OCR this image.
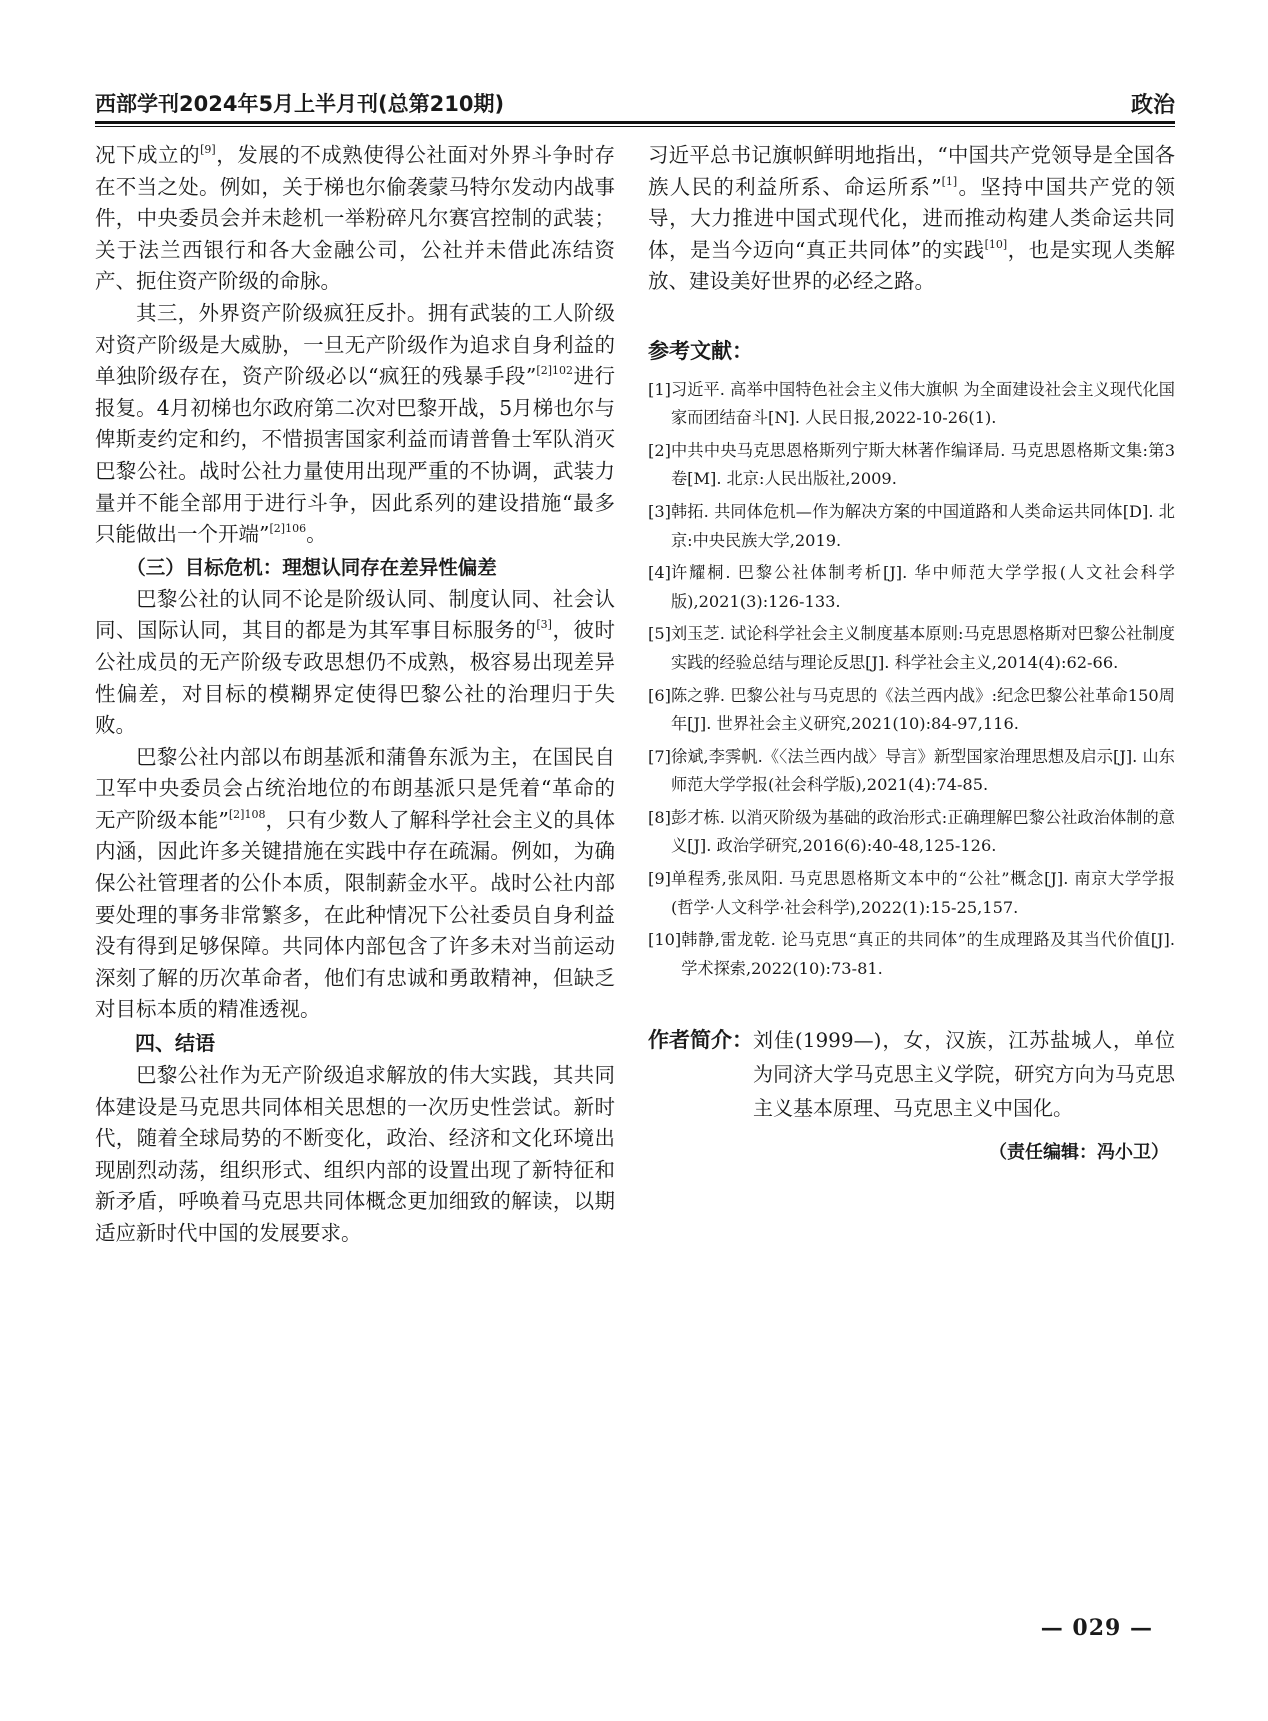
西部学刊2024年5月上半月刊(总第210期)	政治

况下成立的[9]，发展的不成熟使得公社面对外界斗争时存在不当之处。例如，关于梯也尔偷袭蒙马特尔发动内战事件，中央委员会并未趁机一举粉碎凡尔赛宫控制的武装；关于法兰西银行和各大金融公司，公社并未借此冻结资产、扼住资产阶级的命脉。

其三，外界资产阶级疯狂反扑。拥有武装的工人阶级对资产阶级是大威胁，一旦无产阶级作为追求自身利益的单独阶级存在，资产阶级必以“疯狂的残暴手段”$^{[2]102}$进行报复。4月初梯也尔政府第二次对巴黎开战，5月梯也尔与俾斯麦约定和约，不惜损害国家利益而请普鲁士军队消灭巴黎公社。战时公社力量使用出现严重的不协调，武装力量并不能全部用于进行斗争，因此系列的建设措施“最多只能做出一个开端”$^{[2]106}$。

（三）目标危机：理想认同存在差异性偏差

巴黎公社的认同不论是阶级认同、制度认同、社会认同、国际认同，其目的都是为其军事目标服务的[3]，彼时公社成员的无产阶级专政思想仍不成熟，极容易出现差异性偏差，对目标的模糊界定使得巴黎公社的治理归于失败。

巴黎公社内部以布朗基派和蒲鲁东派为主，在国民自卫军中央委员会占统治地位的布朗基派只是凭着“革命的无产阶级本能”$^{[2]108}$，只有少数人了解科学社会主义的具体内涵，因此许多关键措施在实践中存在疏漏。例如，为确保公社管理者的公仆本质，限制薪金水平。战时公社内部要处理的事务非常繁多，在此种情况下公社委员自身利益没有得到足够保障。共同体内部包含了许多未对当前运动深刻了解的历次革命者，他们有忠诚和勇敢精神，但缺乏对目标本质的精准透视。

四、结语

巴黎公社作为无产阶级追求解放的伟大实践，其共同体建设是马克思共同体相关思想的一次历史性尝试。新时代，随着全球局势的不断变化，政治、经济和文化环境出现剧烈动荡，组织形式、组织内部的设置出现了新特征和新矛盾，呼唤着马克思共同体概念更加细致的解读，以期适应新时代中国的发展要求。

习近平总书记旗帜鲜明地指出，“中国共产党领导是全国各族人民的利益所系、命运所系”[1]。坚持中国共产党的领导，大力推进中国式现代化，进而推动构建人类命运共同体，是当今迈向“真正共同体”的实践[10]，也是实现人类解放、建设美好世界的必经之路。

参考文献：
[1] 习近平. 高举中国特色社会主义伟大旗帜 为全面建设社会主义现代化国家而团结奋斗[N]. 人民日报,2022-10-26(1).
[2] 中共中央马克思恩格斯列宁斯大林著作编译局. 马克思恩格斯文集:第3卷[M]. 北京:人民出版社,2009.
[3] 韩拓. 共同体危机—作为解决方案的中国道路和人类命运共同体[D]. 北京:中央民族大学,2019.
[4] 许耀桐. 巴黎公社体制考析[J]. 华中师范大学学报(人文社会科学版),2021(3):126-133.
[5] 刘玉芝. 试论科学社会主义制度基本原则:马克思恩格斯对巴黎公社制度实践的经验总结与理论反思[J]. 科学社会主义,2014(4):62-66.
[6] 陈之骅. 巴黎公社与马克思的《法兰西内战》:纪念巴黎公社革命150周年[J]. 世界社会主义研究,2021(10):84-97,116.
[7] 徐斌,李霁帆.《〈法兰西内战〉导言》新型国家治理思想及启示[J]. 山东师范大学学报(社会科学版),2021(4):74-85.
[8] 彭才栋. 以消灭阶级为基础的政治形式:正确理解巴黎公社政治体制的意义[J]. 政治学研究,2016(6):40-48,125-126.
[9] 单程秀,张凤阳. 马克思恩格斯文本中的“公社”概念[J]. 南京大学学报(哲学·人文科学·社会科学),2022(1):15-25,157.
[10] 韩静,雷龙乾. 论马克思“真正的共同体”的生成理路及其当代价值[J]. 学术探索,2022(10):73-81.
作者简介： 刘佳(1999—)，女，汉族，江苏盐城人，单位为同济大学马克思主义学院，研究方向为马克思主义基本原理、马克思主义中国化。
（责任编辑：冯小卫）
— 029 —
